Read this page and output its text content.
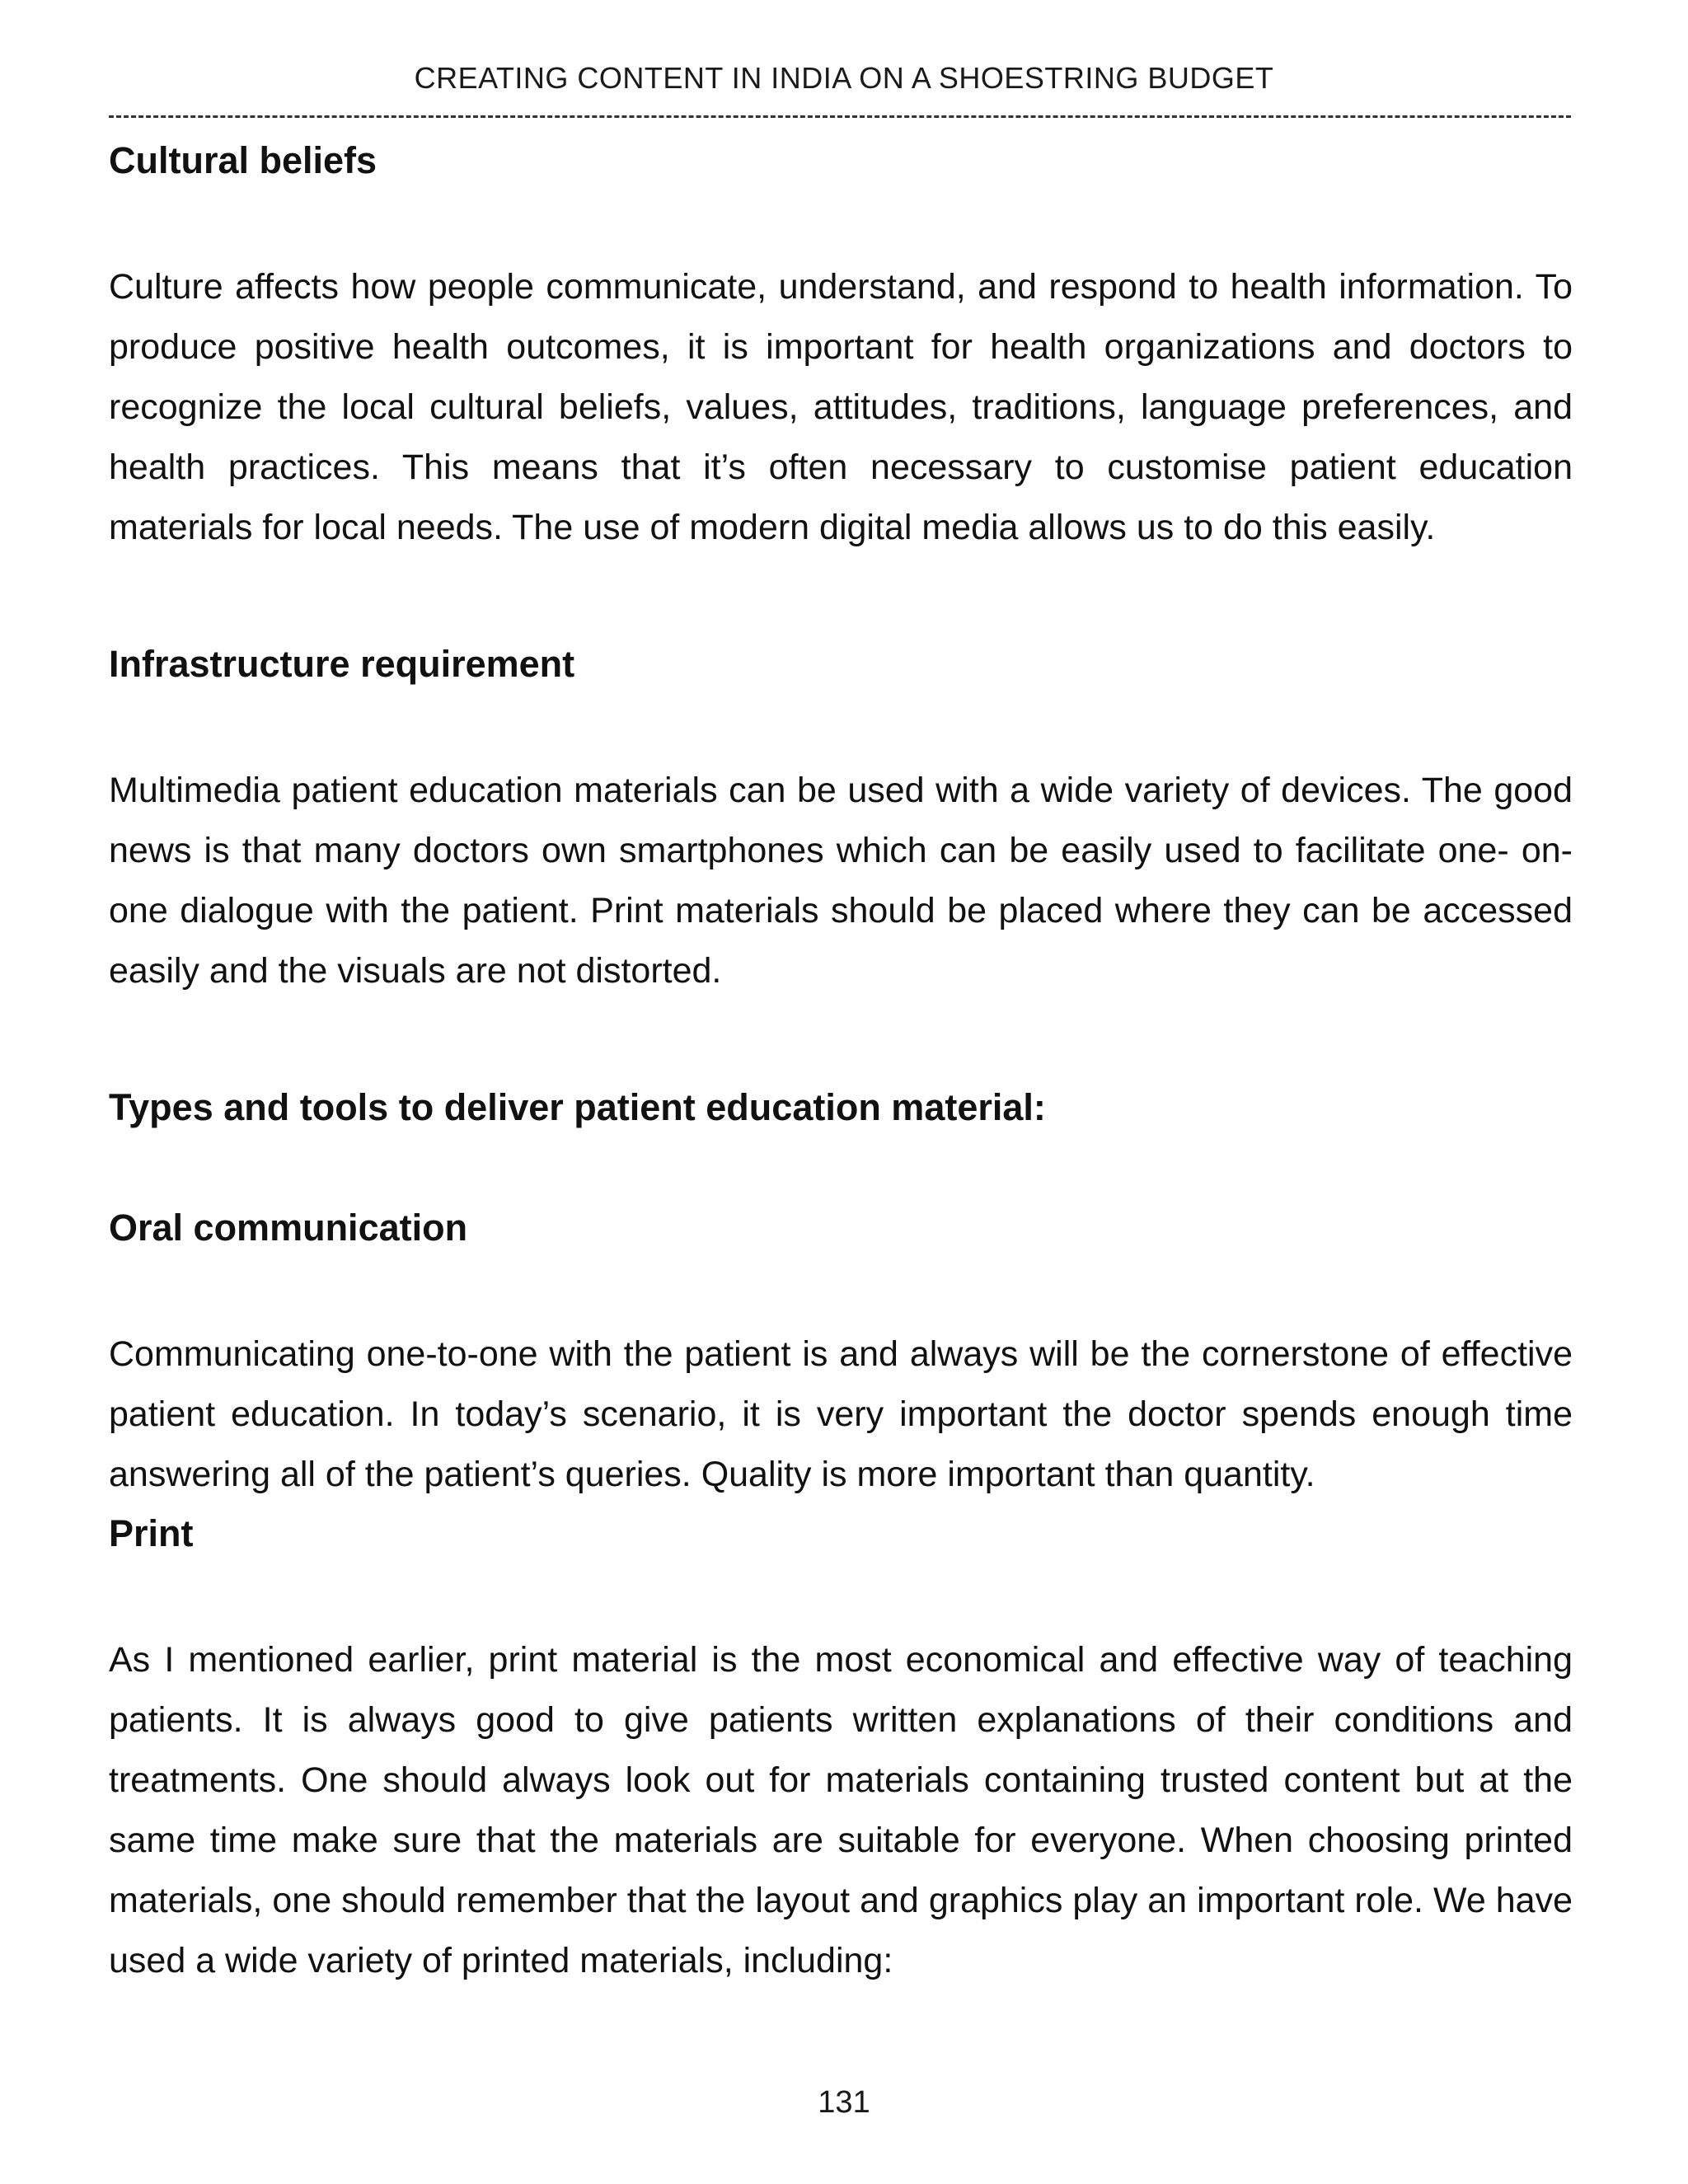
CREATING CONTENT IN INDIA ON A SHOESTRING BUDGET
Cultural beliefs

Culture affects how people communicate, understand, and respond to health information. To produce positive health outcomes, it is important for health organizations and doctors to recognize the local cultural beliefs, values, attitudes, traditions, language preferences, and health practices. This means that it’s often necessary to customise patient education materials for local needs. The use of modern digital media allows us to do this easily.

Infrastructure requirement

Multimedia patient education materials can be used with a wide variety of devices. The good news is that many doctors own smartphones which can be easily used to facilitate one- on-one dialogue with the patient. Print materials should be placed where they can be accessed easily and the visuals are not distorted.

Types and tools to deliver patient education material:
Oral communication

Communicating one-to-one with the patient is and always will be the cornerstone of effective patient education. In today’s scenario, it is very important the doctor spends enough time answering all of the patient’s queries. Quality is more important than quantity.

Print

As I mentioned earlier, print material is the most economical and effective way of teaching patients. It is always good to give patients written explanations of their conditions and treatments. One should always look out for materials containing trusted content but at the same time make sure that the materials are suitable for everyone. When choosing printed materials, one should remember that the layout and graphics play an important role. We have used a wide variety of printed materials, including:

131
